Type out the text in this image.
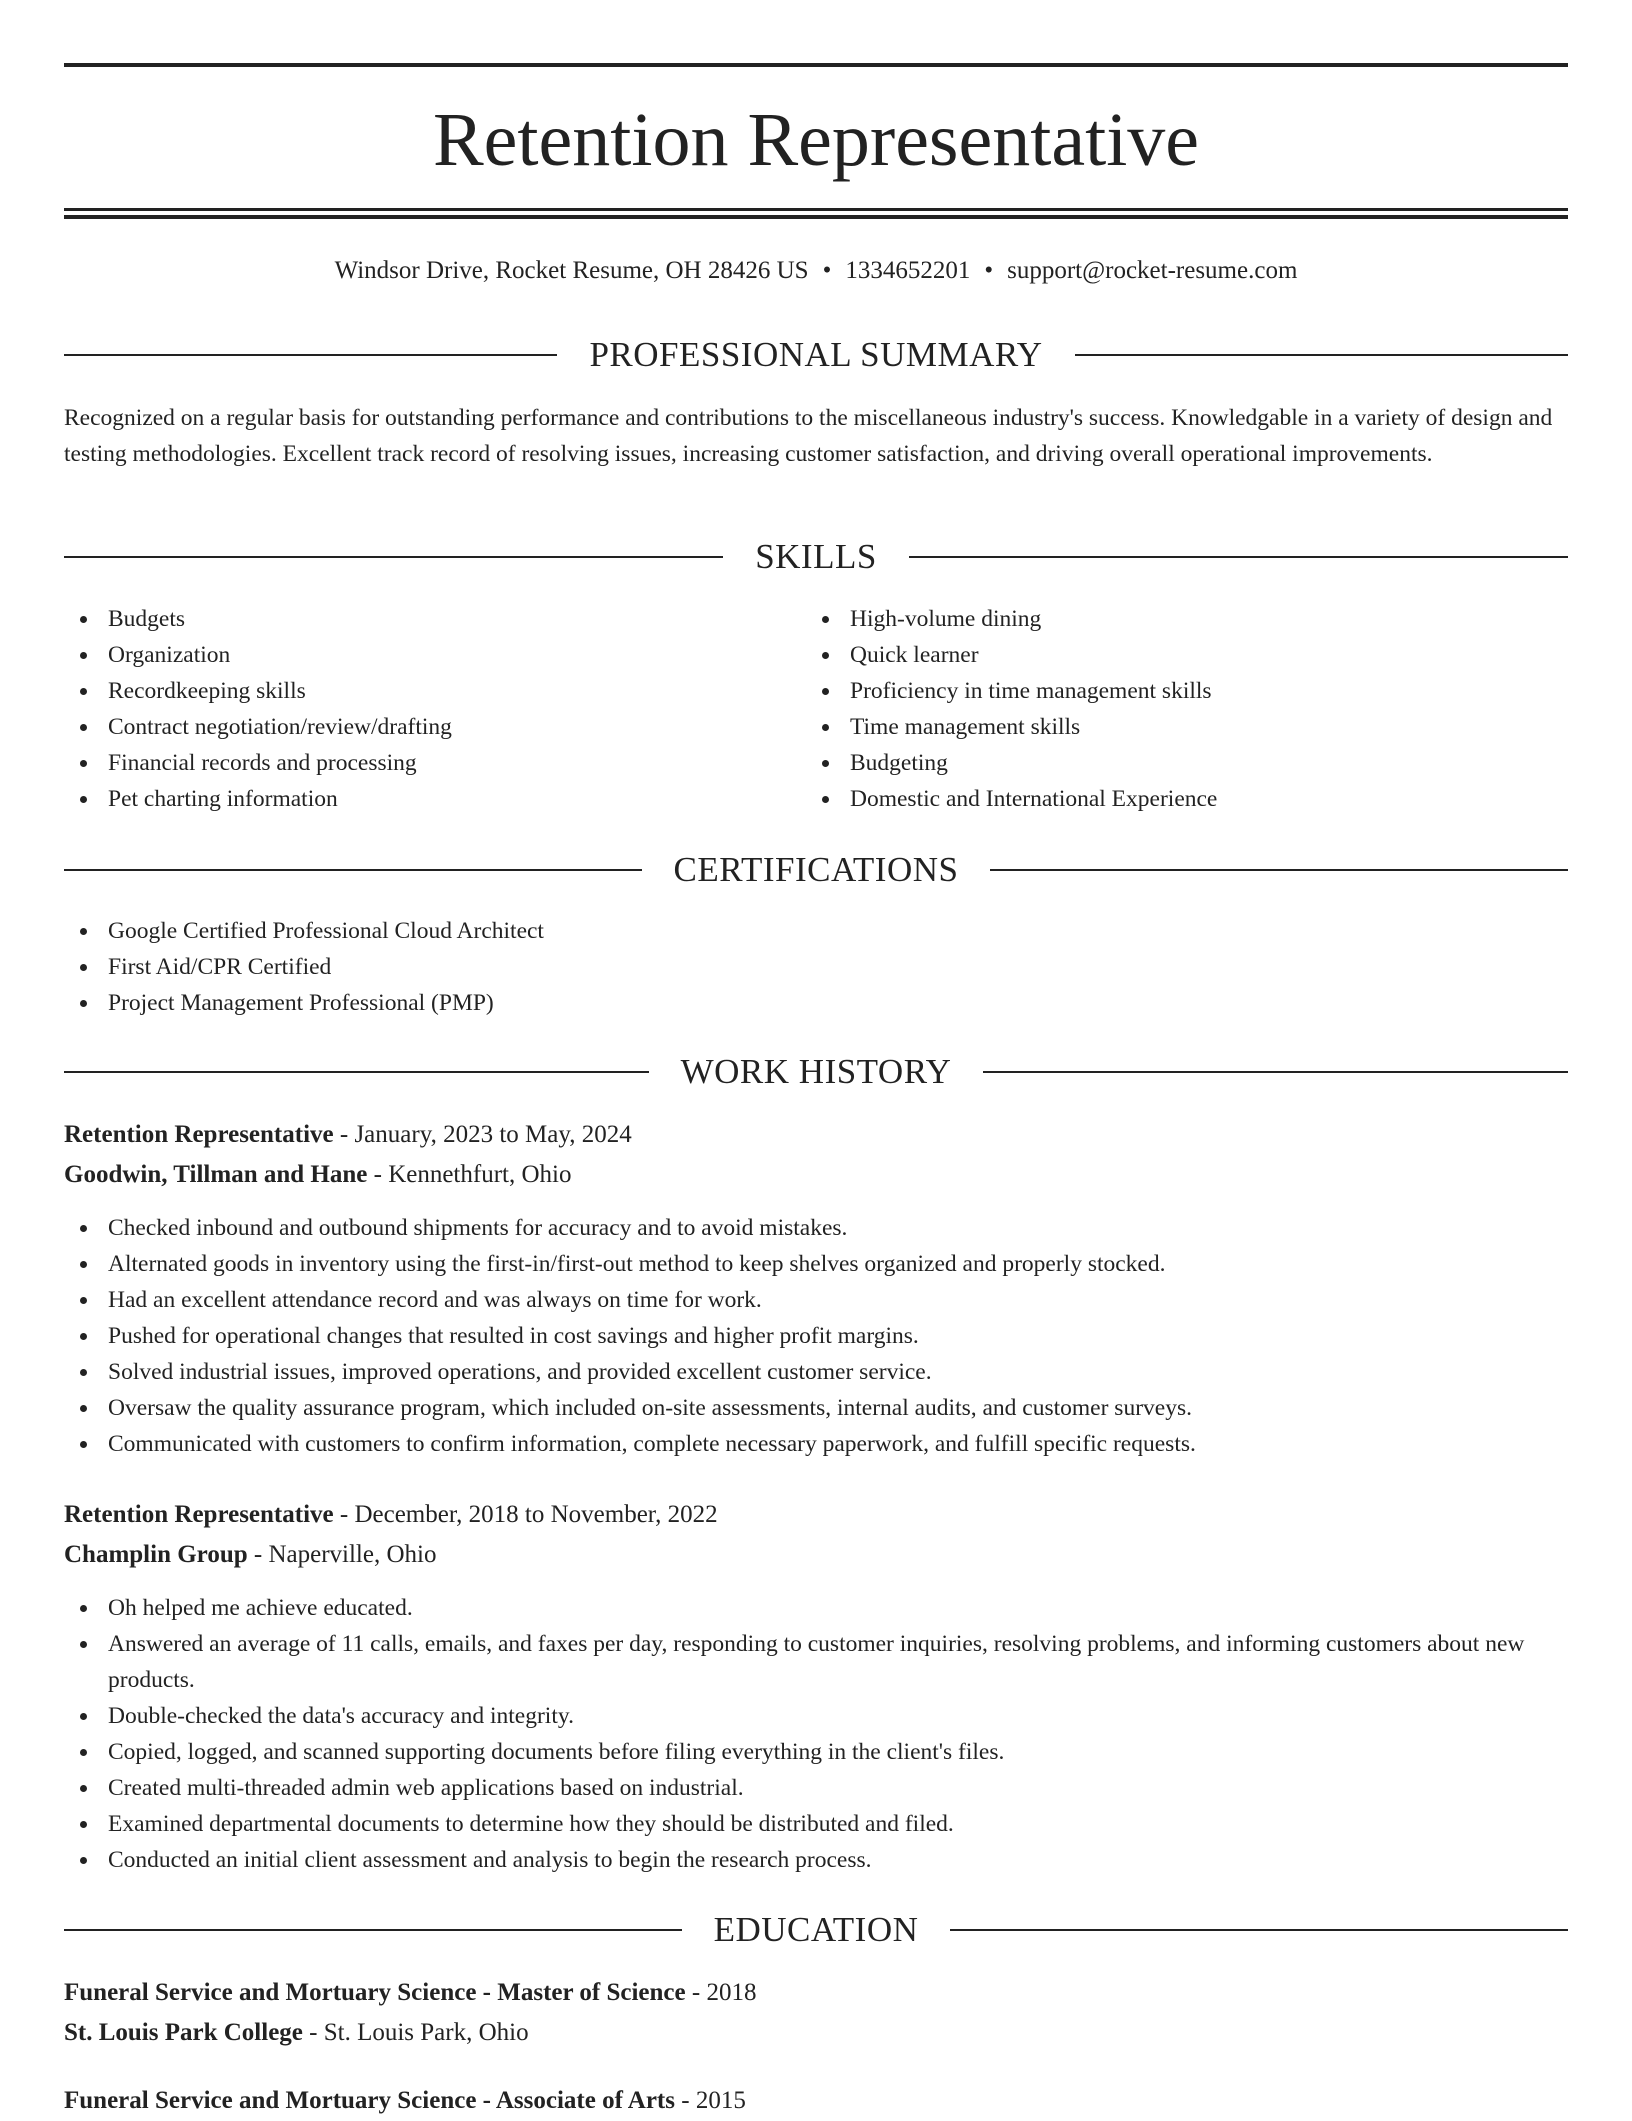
Retention Representative
Windsor Drive, Rocket Resume, OH 28426 US • 1334652201 • support@rocket-resume.com
PROFESSIONAL SUMMARY

Recognized on a regular basis for outstanding performance and contributions to the miscellaneous industry's success. Knowledgable in a variety of design and testing methodologies. Excellent track record of resolving issues, increasing customer satisfaction, and driving overall operational improvements.

SKILLS
Budgets
Organization
Recordkeeping skills
Contract negotiation/review/drafting
Financial records and processing
Pet charting information
High-volume dining
Quick learner
Proficiency in time management skills
Time management skills
Budgeting
Domestic and International Experience
CERTIFICATIONS
Google Certified Professional Cloud Architect
First Aid/CPR Certified
Project Management Professional (PMP)
WORK HISTORY
Retention Representative - January, 2023 to May, 2024
Goodwin, Tillman and Hane - Kennethfurt, Ohio
Checked inbound and outbound shipments for accuracy and to avoid mistakes.
Alternated goods in inventory using the first-in/first-out method to keep shelves organized and properly stocked.
Had an excellent attendance record and was always on time for work.
Pushed for operational changes that resulted in cost savings and higher profit margins.
Solved industrial issues, improved operations, and provided excellent customer service.
Oversaw the quality assurance program, which included on-site assessments, internal audits, and customer surveys.
Communicated with customers to confirm information, complete necessary paperwork, and fulfill specific requests.
Retention Representative - December, 2018 to November, 2022
Champlin Group - Naperville, Ohio
Oh helped me achieve educated.
Answered an average of 11 calls, emails, and faxes per day, responding to customer inquiries, resolving problems, and informing customers about new products.
Double-checked the data's accuracy and integrity.
Copied, logged, and scanned supporting documents before filing everything in the client's files.
Created multi-threaded admin web applications based on industrial.
Examined departmental documents to determine how they should be distributed and filed.
Conducted an initial client assessment and analysis to begin the research process.
EDUCATION
Funeral Service and Mortuary Science - Master of Science - 2018
St. Louis Park College - St. Louis Park, Ohio
Funeral Service and Mortuary Science - Associate of Arts - 2015
